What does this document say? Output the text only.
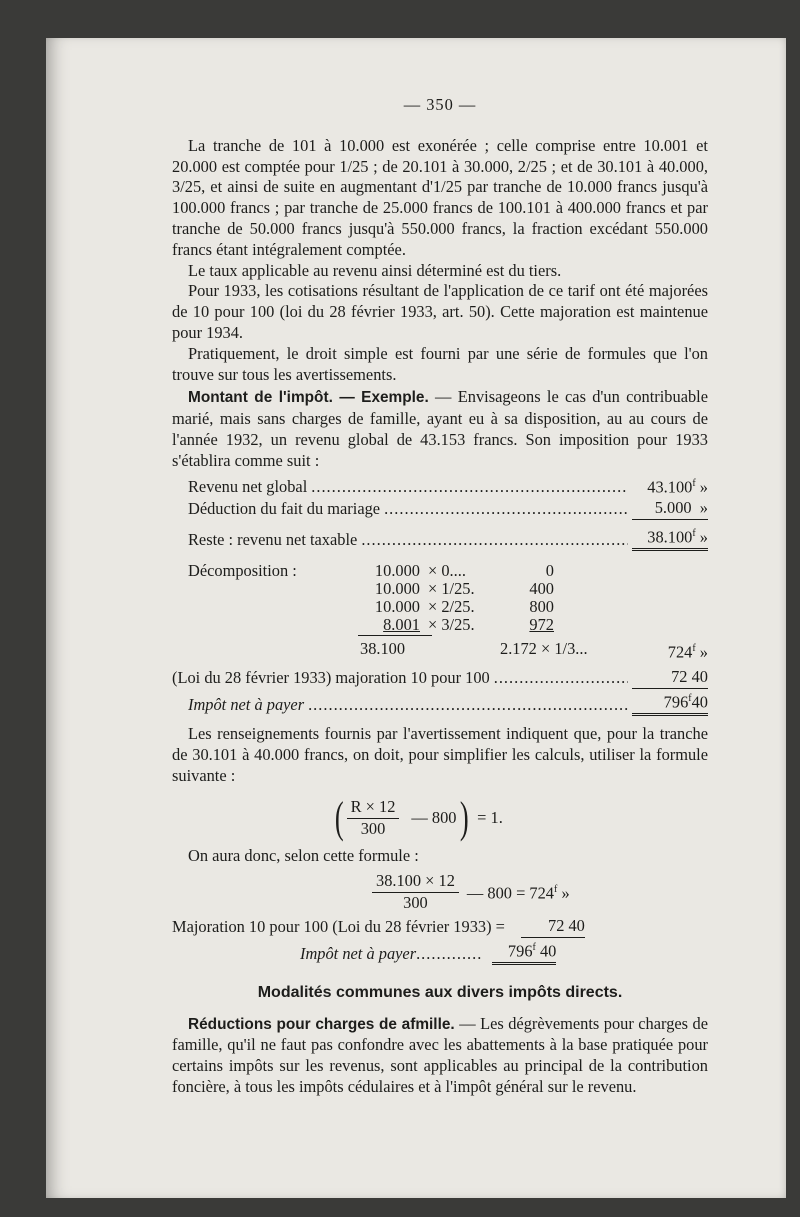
— 350 —

La tranche de 101 à 10.000 est exonérée ; celle comprise entre 10.001 et 20.000 est comptée pour 1/25 ; de 20.101 à 30.000, 2/25 ; et de 30.101 à 40.000, 3/25, et ainsi de suite en augmentant d'1/25 par tranche de 10.000 francs jusqu'à 100.000 francs ; par tranche de 25.000 francs de 100.101 à 400.000 francs et par tranche de 50.000 francs jusqu'à 550.000 francs, la fraction excédant 550.000 francs étant intégralement comptée.

Le taux applicable au revenu ainsi déterminé est du tiers.

Pour 1933, les cotisations résultant de l'application de ce tarif ont été majorées de 10 pour 100 (loi du 28 février 1933, art. 50). Cette majoration est maintenue pour 1934.

Pratiquement, le droit simple est fourni par une série de formules que l'on trouve sur tous les avertissements.

Montant de l'impôt. — Exemple. — Envisageons le cas d'un contribuable marié, mais sans charges de famille, ayant eu à sa disposition, au au cours de l'année 1932, un revenu global de 43.153 francs. Son imposition pour 1933 s'établira comme suit :

Revenu net global .....	43.100$^f$ »
Déduction du fait du mariage .....	5.000 »
Reste : revenu net taxable .....	38.100$^f$ »
Décomposition :	10.000 × 0....	0
10.000 × 1/25.	400
10.000 × 2/25.	800
8.001 × 3/25.	972
38.100	2.172 × 1/3...	724$^f$ »
(Loi du 28 février 1933) majoration 10 pour 100 .....	72 40
Impôt net à payer .....	796$^f$40

Les renseignements fournis par l'avertissement indiquent que, pour la tranche de 30.101 à 40.000 francs, on doit, pour simplifier les calculs, utiliser la formule suivante :

( $\frac{R \times 12}{300}$ — 800 ) = 1.

On aura donc, selon cette formule :

$\frac{38.100 \times 12}{300}$ — $800 = 724^f$ »
Majoration 10 pour 100 (Loi du 28 février 1933) =	72 40
Impôt net à payer .............	796$^f$ 40
Modalités communes aux divers impôts directs.

Réductions pour charges de afmille. — Les dégrèvements pour charges de famille, qu'il ne faut pas confondre avec les abattements à la base pratiquée pour certains impôts sur les revenus, sont applicables au principal de la contribution foncière, à tous les impôts cédulaires et à l'impôt général sur le revenu.
